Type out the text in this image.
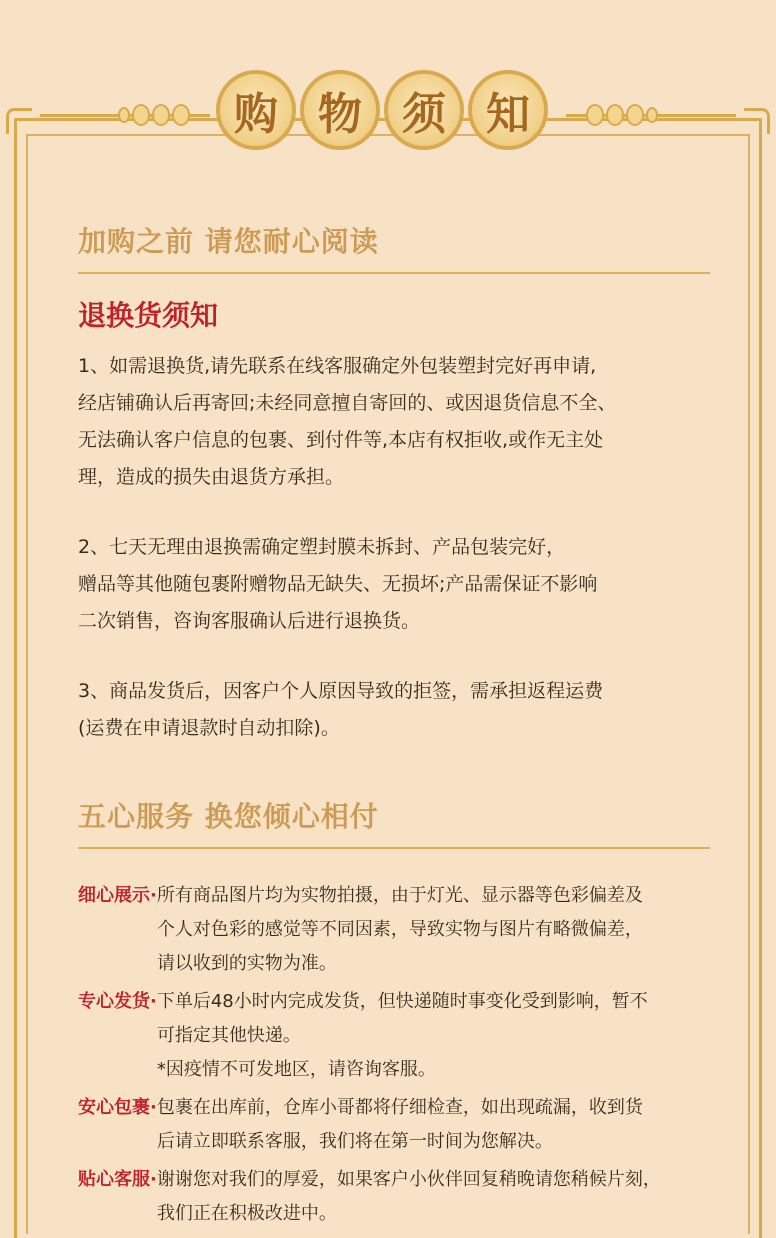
购 物 须 知
加购之前 请您耐心阅读
退换货须知

1、如需退换货,请先联系在线客服确定外包装塑封完好再申请,
经店铺确认后再寄回;未经同意擅自寄回的、或因退货信息不全、
无法确认客户信息的包裹、到付件等,本店有权拒收,或作无主处
理，造成的损失由退货方承担。

2、七天无理由退换需确定塑封膜未拆封、产品包装完好，
赠品等其他随包裹附赠物品无缺失、无损坏;产品需保证不影响
二次销售，咨询客服确认后进行退换货。

3、商品发货后，因客户个人原因导致的拒签，需承担返程运费
(运费在申请退款时自动扣除)。

五心服务 换您倾心相付
细心展示 · 所有商品图片均为实物拍摄，由于灯光、显示器等色彩偏差及
个人对色彩的感觉等不同因素，导致实物与图片有略微偏差，
请以收到的实物为准。
专心发货 · 下单后48小时内完成发货，但快递随时事变化受到影响，暂不
可指定其他快递。
*因疫情不可发地区，请咨询客服。
安心包裹 · 包裹在出库前，仓库小哥都将仔细检查，如出现疏漏，收到货
后请立即联系客服，我们将在第一时间为您解决。
贴心客服 · 谢谢您对我们的厚爱，如果客户小伙伴回复稍晚请您稍候片刻，
我们正在积极改进中。
